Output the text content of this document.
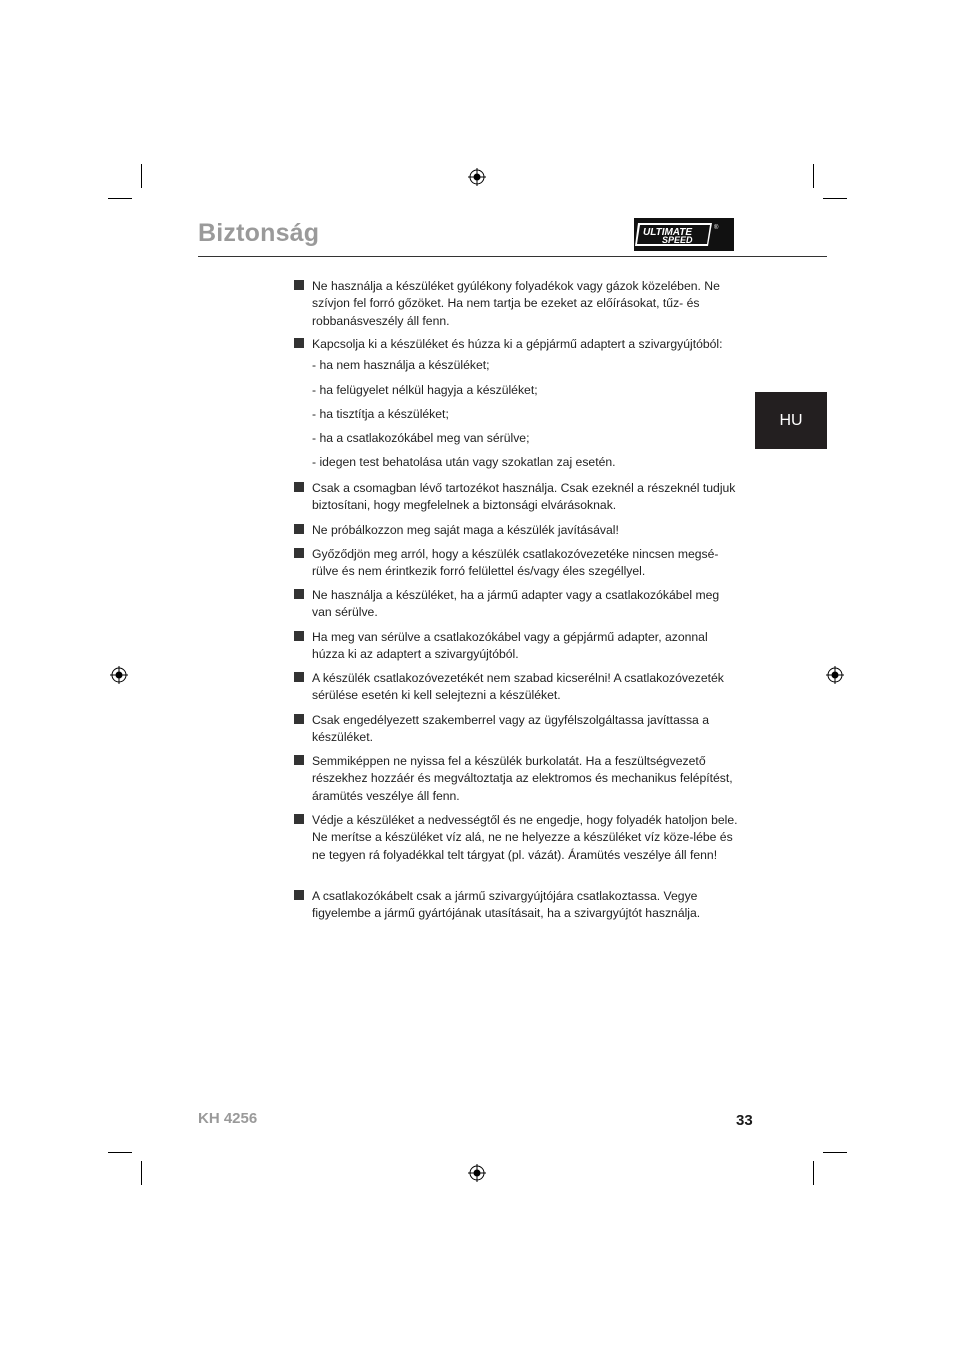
Biztonság	ULTIMATE
SPEED
®
HU
Ne használja a készüléket gyúlékony folyadékok vagy gázok közelében. Ne szívjon fel forró gőzöket. Ha nem tartja be ezeket az előírásokat, tűz- és robbanásveszély áll fenn.
Kapcsolja ki a készüléket és húzza ki a gépjármű adaptert a szivargyújtóból:
- ha nem használja a készüléket;
- ha felügyelet nélkül hagyja a készüléket;
- ha tisztítja a készüléket;
- ha a csatlakozókábel meg van sérülve;
- idegen test behatolása után vagy szokatlan zaj esetén.
Csak a csomagban lévő tartozékot használja. Csak ezeknél a részeknél tudjuk biztosítani, hogy megfelelnek a biztonsági elvárásoknak.
Ne próbálkozzon meg saját maga a készülék javításával!
Győződjön meg arról, hogy a készülék csatlakozóvezetéke nincsen megsé-rülve és nem érintkezik forró felülettel és/vagy éles szegéllyel.
Ne használja a készüléket, ha a jármű adapter vagy a csatlakozókábel meg van sérülve.
Ha meg van sérülve a csatlakozókábel vagy a gépjármű adapter, azonnal húzza ki az adaptert a szivargyújtóból.
A készülék csatlakozóvezetékét nem szabad kicserélni! A csatlakozóvezeték sérülése esetén ki kell selejtezni a készüléket.
Csak engedélyezett szakemberrel vagy az ügyfélszolgáltassa javíttassa a készüléket.
Semmiképpen ne nyissa fel a készülék burkolatát. Ha a feszültségvezető részekhez hozzáér és megváltoztatja az elektromos és mechanikus felépítést, áramütés veszélye áll fenn.
Védje a készüléket a nedvességtől és ne engedje, hogy folyadék hatoljon bele. Ne merítse a készüléket víz alá, ne ne helyezze a készüléket víz köze-lébe és ne tegyen rá folyadékkal telt tárgyat (pl. vázát). Áramütés veszélye áll fenn!
A csatlakozókábelt csak a jármű szivargyújtójára csatlakoztassa. Vegye figyelembe a jármű gyártójának utasításait, ha a szivargyújtót használja.
KH 4256	33
